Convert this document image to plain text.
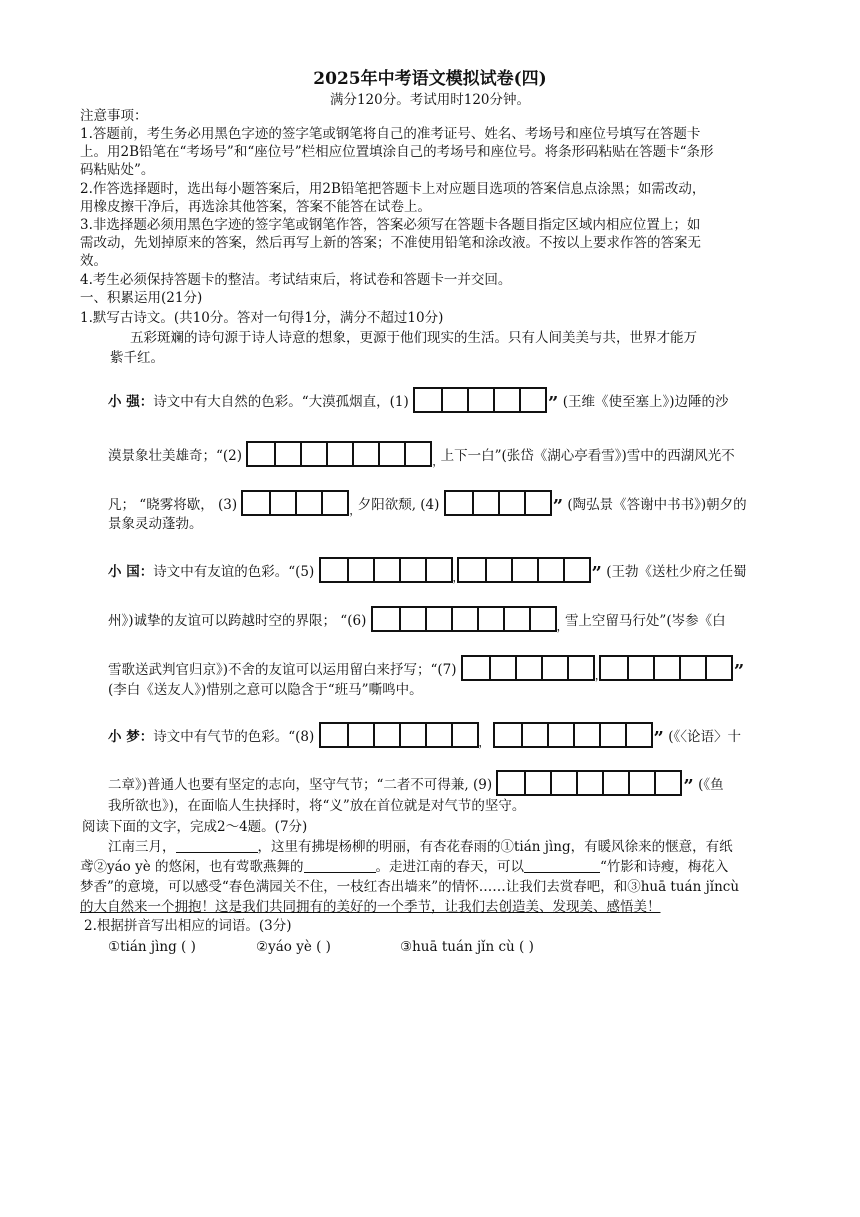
2025年中考语文模拟试卷(四)
满分120分。考试用时120分钟。
注意事项：
1.答题前，考生务必用黑色字迹的签字笔或钢笔将自己的准考证号、姓名、考场号和座位号填写在答题卡
上。用2B铅笔在“考场号”和“座位号”栏相应位置填涂自己的考场号和座位号。将条形码粘贴在答题卡“条形
码粘贴处”。
2.作答选择题时，选出每小题答案后，用2B铅笔把答题卡上对应题目选项的答案信息点涂黑；如需改动，
用橡皮擦干净后，再选涂其他答案，答案不能答在试卷上。
3.非选择题必须用黑色字迹的签字笔或钢笔作答，答案必须写在答题卡各题目指定区域内相应位置上；如
需改动，先划掉原来的答案，然后再写上新的答案；不准使用铅笔和涂改液。不按以上要求作答的答案无
效。
4.考生必须保持答题卡的整洁。考试结束后，将试卷和答题卡一并交回。
一、积累运用(21分)
1.默写古诗文。(共10分。答对一句得1分，满分不超过10分)
五彩斑斓的诗句源于诗人诗意的想象，更源于他们现实的生活。只有人间美美与共，世界才能万
紫千红。
小 强：诗文中有大自然的色彩。“大漠孤烟直，(1)	” (王维《使至塞上》)边陲的沙
漠景象壮美雄奇；“(2)	，
上下一白”(张岱《湖心亭看雪》)雪中的西湖风光不
凡； “晓雾将歇， (3)	，
夕阳欲颓, (4)	” (陶弘景《答谢中书书》)朝夕的
景象灵动蓬勃。
小 国：诗文中有友谊的色彩。“(5)	，	” (王勃《送杜少府之任蜀
州》)诚挚的友谊可以跨越时空的界限； “(6)	，
雪上空留马行处”(岑参《白
雪歌送武判官归京》)不舍的友谊可以运用留白来抒写；“(7)	，	”
(李白《送友人》)惜别之意可以隐含于“班马”嘶鸣中。
小 梦：诗文中有气节的色彩。“(8)	，	” (《〈论语〉十
二章》)普通人也要有坚定的志向，坚守气节；“二者不可得兼, (9)	” (《鱼
我所欲也》)，在面临人生抉择时，将“义”放在首位就是对气节的坚守。
阅读下面的文字，完成2～4题。(7分)
江南三月，	，这里有拂堤杨柳的明丽，有杏花春雨的①tián jìng，有暖风徐来的惬意，有纸
鸢②yáo yè 的悠闲，也有莺歌燕舞的	。走进江南的春天，可以	“竹影和诗瘦，梅花入
梦香”的意境，可以感受“春色满园关不住，一枝红杏出墙来”的情怀……让我们去赏春吧，和③huā tuán jǐncù
的大自然来一个拥抱！这是我们共同拥有的美好的一个季节，让我们去创造美、发现美、感悟美！
2.根据拼音写出相应的词语。(3分)
①tián jìng ( )	②yáo yè ( )	③huā tuán jǐn cù ( )
